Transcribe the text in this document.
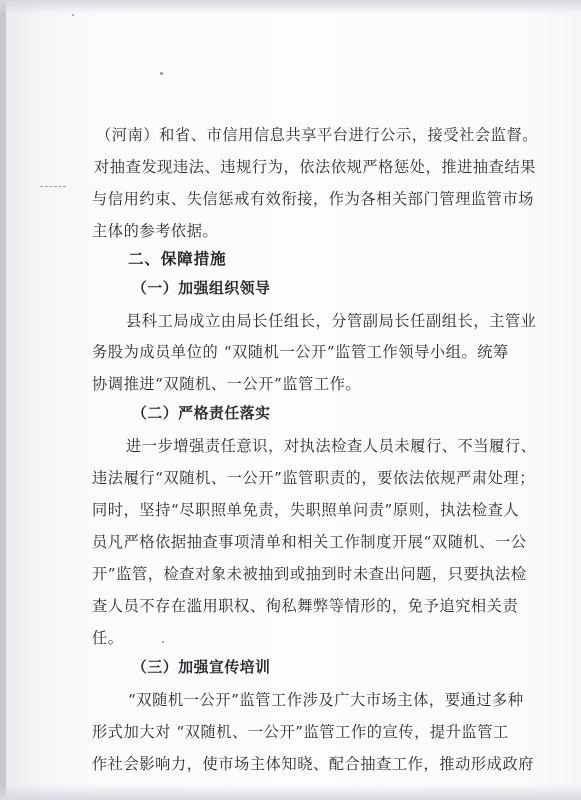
（河南）和省、市信用信息共享平台进行公示，接受社会监督。
对抽查发现违法、违规行为，依法依规严格惩处，推进抽查结果
与信用约束、失信惩戒有效衔接，作为各相关部门管理监管市场
主体的参考依据。
二、保障措施
（一）加强组织领导
县科工局成立由局长任组长，分管副局长任副组长，主管业
务股为成员单位的 “双随机一公开”监管工作领导小组。统筹
协调推进“双随机、一公开”监管工作。
（二）严格责任落实
进一步增强责任意识，对执法检查人员未履行、不当履行、
违法履行“双随机、一公开”监管职责的，要依法依规严肃处理；
同时，坚持“尽职照单免责，失职照单问责”原则，执法检查人
员凡严格依据抽查事项清单和相关工作制度开展“双随机、一公
开”监管，检查对象未被抽到或抽到时未查出问题，只要执法检
查人员不存在滥用职权、徇私舞弊等情形的，免予追究相关责
任。
（三）加强宣传培训
“双随机一公开”监管工作涉及广大市场主体，要通过多种
形式加大对 “双随机、一公开”监管工作的宣传，提升监管工
作社会影响力，使市场主体知晓、配合抽查工作，推动形成政府
